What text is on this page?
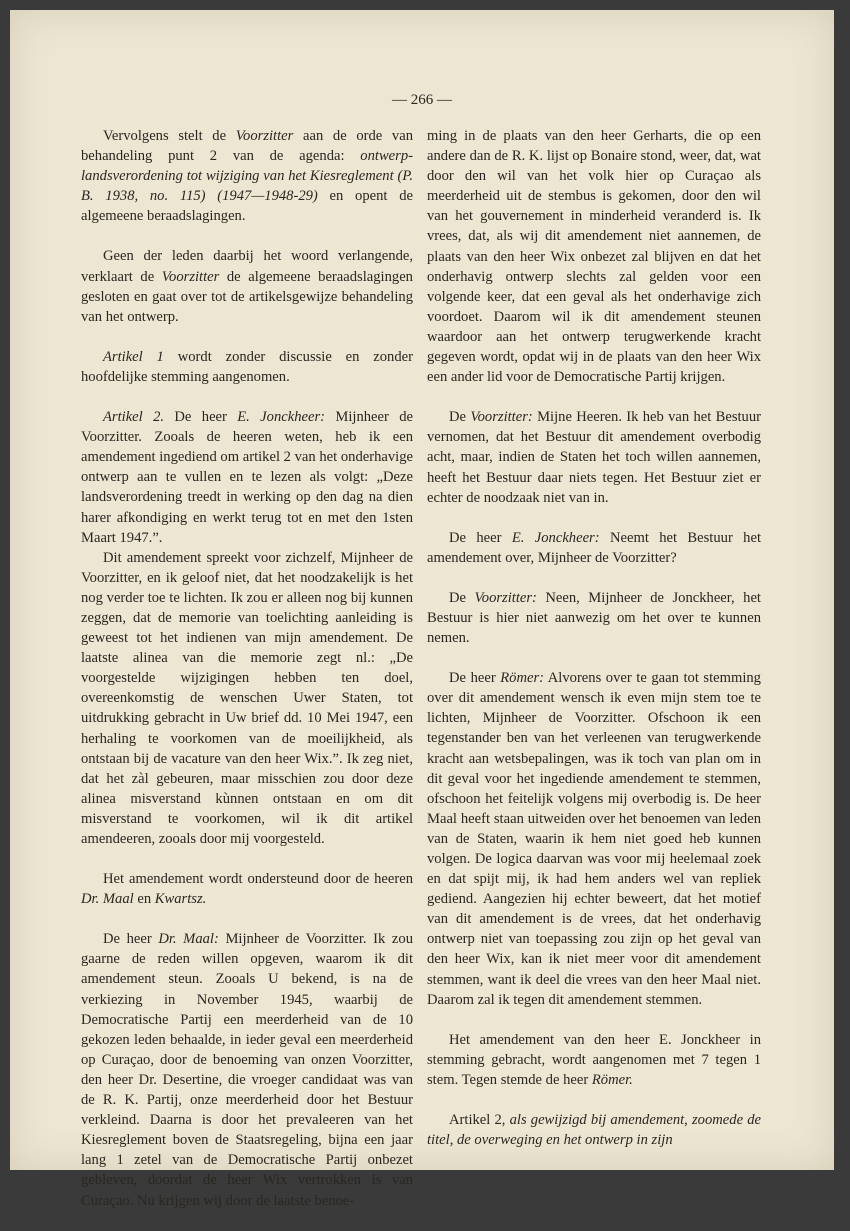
— 266 —

Vervolgens stelt de Voorzitter aan de orde van behandeling punt 2 van de agenda: ontwerp-landsverordening tot wijziging van het Kiesreglement (P. B. 1938, no. 115) (1947—1948-29) en opent de algemeene beraadslagingen.

Geen der leden daarbij het woord verlangende, verklaart de Voorzitter de algemeene beraadslagingen gesloten en gaat over tot de artikelsgewijze behandeling van het ontwerp.

Artikel 1 wordt zonder discussie en zonder hoofdelijke stemming aangenomen.

Artikel 2. De heer E. Jonckheer: Mijnheer de Voorzitter. Zooals de heeren weten, heb ik een amendement ingediend om artikel 2 van het onderhavige ontwerp aan te vullen en te lezen als volgt: „Deze landsverordening treedt in werking op den dag na dien harer afkondiging en werkt terug tot en met den 1sten Maart 1947.”.

Dit amendement spreekt voor zichzelf, Mijnheer de Voorzitter, en ik geloof niet, dat het noodzakelijk is het nog verder toe te lichten. Ik zou er alleen nog bij kunnen zeggen, dat de memorie van toelichting aanleiding is geweest tot het indienen van mijn amendement. De laatste alinea van die memorie zegt nl.: „De voorgestelde wijzigingen hebben ten doel, overeenkomstig de wenschen Uwer Staten, tot uitdrukking gebracht in Uw brief dd. 10 Mei 1947, een herhaling te voorkomen van de moeilijkheid, als ontstaan bij de vacature van den heer Wix.”. Ik zeg niet, dat het zàl gebeuren, maar misschien zou door deze alinea misverstand kùnnen ontstaan en om dit misverstand te voorkomen, wil ik dit artikel amendeeren, zooals door mij voorgesteld.

Het amendement wordt ondersteund door de heeren Dr. Maal en Kwartsz.

De heer Dr. Maal: Mijnheer de Voorzitter. Ik zou gaarne de reden willen opgeven, waarom ik dit amendement steun. Zooals U bekend, is na de verkiezing in November 1945, waarbij de Democratische Partij een meerderheid van de 10 gekozen leden behaalde, in ieder geval een meerderheid op Curaçao, door de benoeming van onzen Voorzitter, den heer Dr. Desertine, die vroeger candidaat was van de R. K. Partij, onze meerderheid door het Bestuur verkleind. Daarna is door het prevaleeren van het Kiesreglement boven de Staatsregeling, bijna een jaar lang 1 zetel van de Democratische Partij onbezet gebleven, doordat de heer Wix vertrokken is van Curaçao. Nu krijgen wij door de laatste benoe-

ming in de plaats van den heer Gerharts, die op een andere dan de R. K. lijst op Bonaire stond, weer, dat, wat door den wil van het volk hier op Curaçao als meerderheid uit de stembus is gekomen, door den wil van het gouvernement in minderheid veranderd is. Ik vrees, dat, als wij dit amendement niet aannemen, de plaats van den heer Wix onbezet zal blijven en dat het onderhavig ontwerp slechts zal gelden voor een volgende keer, dat een geval als het onderhavige zich voordoet. Daarom wil ik dit amendement steunen waardoor aan het ontwerp terugwerkende kracht gegeven wordt, opdat wij in de plaats van den heer Wix een ander lid voor de Democratische Partij krijgen.

De Voorzitter: Mijne Heeren. Ik heb van het Bestuur vernomen, dat het Bestuur dit amendement overbodig acht, maar, indien de Staten het toch willen aannemen, heeft het Bestuur daar niets tegen. Het Bestuur ziet er echter de noodzaak niet van in.

De heer E. Jonckheer: Neemt het Bestuur het amendement over, Mijnheer de Voorzitter?

De Voorzitter: Neen, Mijnheer de Jonckheer, het Bestuur is hier niet aanwezig om het over te kunnen nemen.

De heer Römer: Alvorens over te gaan tot stemming over dit amendement wensch ik even mijn stem toe te lichten, Mijnheer de Voorzitter. Ofschoon ik een tegenstander ben van het verleenen van terugwerkende kracht aan wetsbepalingen, was ik toch van plan om in dit geval voor het ingediende amendement te stemmen, ofschoon het feitelijk volgens mij overbodig is. De heer Maal heeft staan uitweiden over het benoemen van leden van de Staten, waarin ik hem niet goed heb kunnen volgen. De logica daarvan was voor mij heelemaal zoek en dat spijt mij, ik had hem anders wel van repliek gediend. Aangezien hij echter beweert, dat het motief van dit amendement is de vrees, dat het onderhavig ontwerp niet van toepassing zou zijn op het geval van den heer Wix, kan ik niet meer voor dit amendement stemmen, want ik deel die vrees van den heer Maal niet. Daarom zal ik tegen dit amendement stemmen.

Het amendement van den heer E. Jonckheer in stemming gebracht, wordt aangenomen met 7 tegen 1 stem. Tegen stemde de heer Römer.

Artikel 2, als gewijzigd bij amendement, zoomede de titel, de overweging en het ontwerp in zijn
